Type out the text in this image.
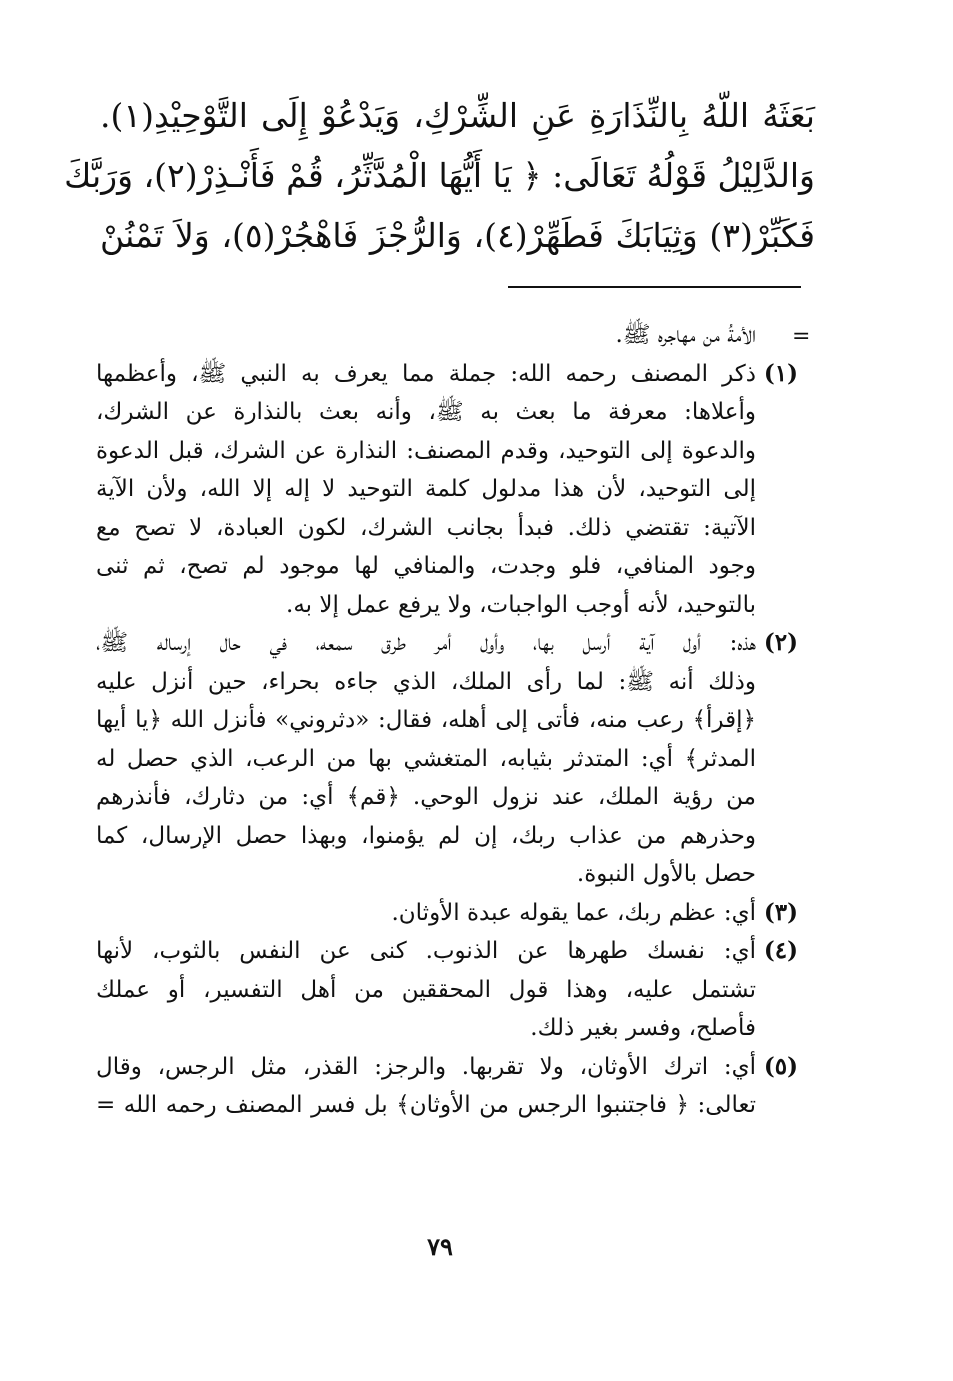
بَعَثَهُ اللّهُ بِالنِّذَارَةِ عَنِ الشِّرْكِ، وَيَدْعُوْ إِلَى التَّوْحِيْدِ(١).
وَالدَّلِيْلُ قَوْلُهُ تَعَالَى: ﴿ يَا أَيُّهَا الْمُدَّثِّرُ، قُمْ فَأَنْـذِرْ(٢)، وَرَبَّكَ
فَكَبِّرْ(٣) وَثِيَابَكَ فَطَهِّرْ(٤)، وَالرُّجْزَ فَاهْجُرْ(٥)، وَلاَ تَمْنُنْ
=
الأمةُ من مهاجره ﷺ.
(١)ذكر المصنف رحمه الله: جملة مما يعرف به النبي ﷺ، وأعظمها
وأعلاها: معرفة ما بعث به ﷺ، وأنه بعث بالنذارة عن الشرك،
والدعوة إلى التوحيد، وقدم المصنف: النذارة عن الشرك، قبل الدعوة
إلى التوحيد، لأن هذا مدلول كلمة التوحيد لا إله إلا الله، ولأن الآية
الآتية: تقتضي ذلك. فبدأ بجانب الشرك، لكون العبادة، لا تصح مع
وجود المنافي، فلو وجدت، والمنافي لها موجود لم تصح، ثم ثنى
بالتوحيد، لأنه أوجب الواجبات، ولا يرفع عمل إلا به.
(٢)هذه: أول آية أرسل بها، وأول أمر طرق سمعه، في حال إرساله ﷺ،
وذلك أنه ﷺ: لما رأى الملك، الذي جاءه بحراء، حين أنزل عليه
﴿إقرأ﴾ رعب منه، فأتى إلى أهله، فقال: «دثروني» فأنزل الله ﴿يا أيها
المدثر﴾ أي: المتدثر بثيابه، المتغشي بها من الرعب، الذي حصل له
من رؤية الملك، عند نزول الوحي. ﴿قم﴾ أي: من دثارك، فأنذرهم
وحذرهم من عذاب ربك، إن لم يؤمنوا، وبهذا حصل الإرسال، كما
حصل بالأول النبوة.
(٣)أي: عظم ربك، عما يقوله عبدة الأوثان.
(٤)أي: نفسك طهرها عن الذنوب. كنى عن النفس بالثوب، لأنها
تشتمل عليه، وهذا قول المحققين من أهل التفسير، أو عملك
فأصلح، وفسر بغير ذلك.
(٥)أي: اترك الأوثان، ولا تقربها. والرجز: القذر، مثل الرجس، وقال
تعالى: ﴿ فاجتنبوا الرجس من الأوثان﴾ بل فسر المصنف رحمه الله =
٧٩
